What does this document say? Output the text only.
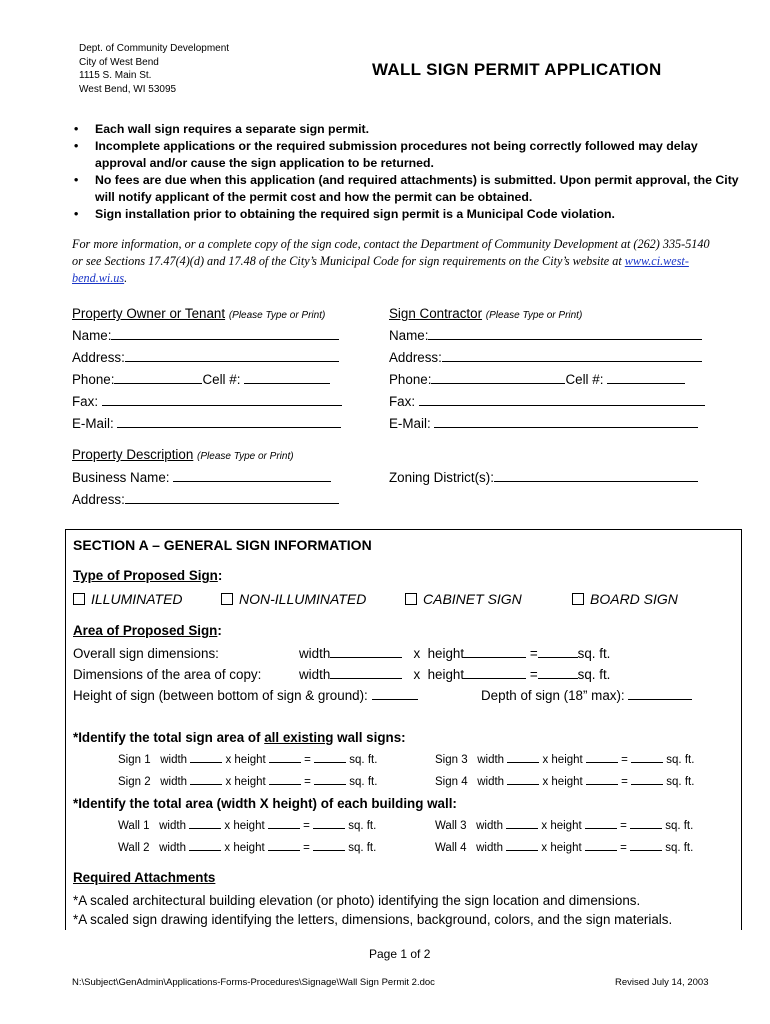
Dept. of Community Development
City of West Bend
1115 S. Main St.
West Bend, WI 53095
WALL SIGN PERMIT APPLICATION
• Each wall sign requires a separate sign permit.
• Incomplete applications or the required submission procedures not being correctly followed may delay approval and/or cause the sign application to be returned.
• No fees are due when this application (and required attachments) is submitted. Upon permit approval, the City will notify applicant of the permit cost and how the permit can be obtained.
• Sign installation prior to obtaining the required sign permit is a Municipal Code violation.
For more information, or a complete copy of the sign code, contact the Department of Community Development at (262) 335-5140 or see Sections 17.47(4)(d) and 17.48 of the City’s Municipal Code for sign requirements on the City’s website at www.ci.west-bend.wi.us.
Property Owner or Tenant (Please Type or Print)
Name:
Address:
Phone:	Cell #:
Fax:
E-Mail:
Sign Contractor (Please Type or Print)
Name:
Address:
Phone:	Cell #:
Fax:
E-Mail:
Property Description (Please Type or Print)
Business Name:
Address:
Zoning District(s):
SECTION A – GENERAL SIGN INFORMATION
Type of Proposed Sign:
ILLUMINATED	NON-ILLUMINATED	CABINET SIGN	BOARD SIGN
Area of Proposed Sign:
Overall sign dimensions:	width	x height	=	sq. ft.
Dimensions of the area of copy:	width	x height	=	sq. ft.
Height of sign (between bottom of sign & ground):	Depth of sign (18” max):
*Identify the total sign area of all existing wall signs:
Sign 1 width	x height	=	sq. ft.
Sign 2 width	x height	=	sq. ft.
Sign 3 width	x height	=	sq. ft.
Sign 4 width	x height	=	sq. ft.
*Identify the total area (width X height) of each building wall:
Wall 1 width	x height	=	sq. ft.
Wall 2 width	x height	=	sq. ft.
Wall 3 width	x height	=	sq. ft.
Wall 4 width	x height	=	sq. ft.
Required Attachments
*A scaled architectural building elevation (or photo) identifying the sign location and dimensions.
*A scaled sign drawing identifying the letters, dimensions, background, colors, and the sign materials.
Page 1 of 2
N:\Subject\GenAdmin\Applications-Forms-Procedures\Signage\Wall Sign Permit 2.doc	Revised July 14, 2003
